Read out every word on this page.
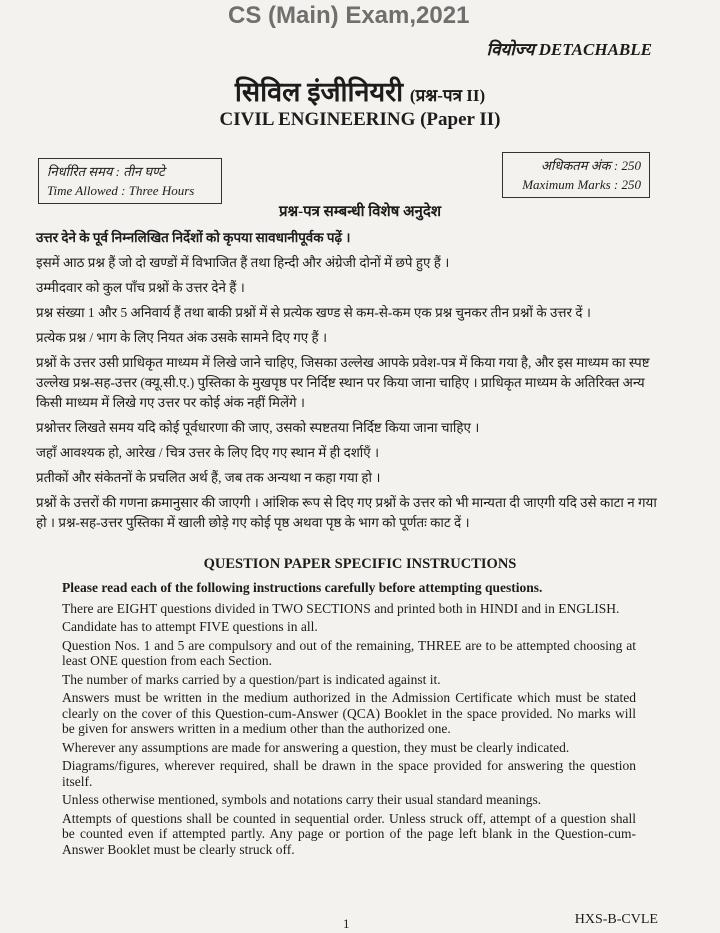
CS (Main) Exam,2021
वियोज्य DETACHABLE
सिविल इंजीनियरी (प्रश्न-पत्र II)
CIVIL ENGINEERING (Paper II)
निर्धारित समय : तीन घण्टे
Time Allowed : Three Hours
अधिकतम अंक : 250
Maximum Marks : 250
प्रश्न-पत्र सम्बन्धी विशेष अनुदेश

उत्तर देने के पूर्व निम्नलिखित निर्देशों को कृपया सावधानीपूर्वक पढ़ें ।

इसमें आठ प्रश्न हैं जो दो खण्डों में विभाजित हैं तथा हिन्दी और अंग्रेजी दोनों में छपे हुए हैं ।

उम्मीदवार को कुल पाँच प्रश्नों के उत्तर देने हैं ।

प्रश्न संख्या 1 और 5 अनिवार्य हैं तथा बाकी प्रश्नों में से प्रत्येक खण्ड से कम-से-कम एक प्रश्न चुनकर तीन प्रश्नों के उत्तर दें ।

प्रत्येक प्रश्न / भाग के लिए नियत अंक उसके सामने दिए गए हैं ।

प्रश्नों के उत्तर उसी प्राधिकृत माध्यम में लिखे जाने चाहिए, जिसका उल्लेख आपके प्रवेश-पत्र में किया गया है, और इस माध्यम का स्पष्ट उल्लेख प्रश्न-सह-उत्तर (क्यू.सी.ए.) पुस्तिका के मुखपृष्ठ पर निर्दिष्ट स्थान पर किया जाना चाहिए । प्राधिकृत माध्यम के अतिरिक्त अन्य किसी माध्यम में लिखे गए उत्तर पर कोई अंक नहीं मिलेंगे ।

प्रश्नोत्तर लिखते समय यदि कोई पूर्वधारणा की जाए, उसको स्पष्टतया निर्दिष्ट किया जाना चाहिए ।

जहाँ आवश्यक हो, आरेख / चित्र उत्तर के लिए दिए गए स्थान में ही दर्शाएँ ।

प्रतीकों और संकेतनों के प्रचलित अर्थ हैं, जब तक अन्यथा न कहा गया हो ।

प्रश्नों के उत्तरों की गणना क्रमानुसार की जाएगी । आंशिक रूप से दिए गए प्रश्नों के उत्तर को भी मान्यता दी जाएगी यदि उसे काटा न गया हो । प्रश्न-सह-उत्तर पुस्तिका में खाली छोड़े गए कोई पृष्ठ अथवा पृष्ठ के भाग को पूर्णतः काट दें ।

QUESTION PAPER SPECIFIC INSTRUCTIONS

Please read each of the following instructions carefully before attempting questions.

There are EIGHT questions divided in TWO SECTIONS and printed both in HINDI and in ENGLISH.

Candidate has to attempt FIVE questions in all.

Question Nos. 1 and 5 are compulsory and out of the remaining, THREE are to be attempted choosing at least ONE question from each Section.

The number of marks carried by a question/part is indicated against it.

Answers must be written in the medium authorized in the Admission Certificate which must be stated clearly on the cover of this Question-cum-Answer (QCA) Booklet in the space provided. No marks will be given for answers written in a medium other than the authorized one.

Wherever any assumptions are made for answering a question, they must be clearly indicated.

Diagrams/figures, wherever required, shall be drawn in the space provided for answering the question itself.

Unless otherwise mentioned, symbols and notations carry their usual standard meanings.

Attempts of questions shall be counted in sequential order. Unless struck off, attempt of a question shall be counted even if attempted partly. Any page or portion of the page left blank in the Question-cum-Answer Booklet must be clearly struck off.

1	HXS-B-CVLE
